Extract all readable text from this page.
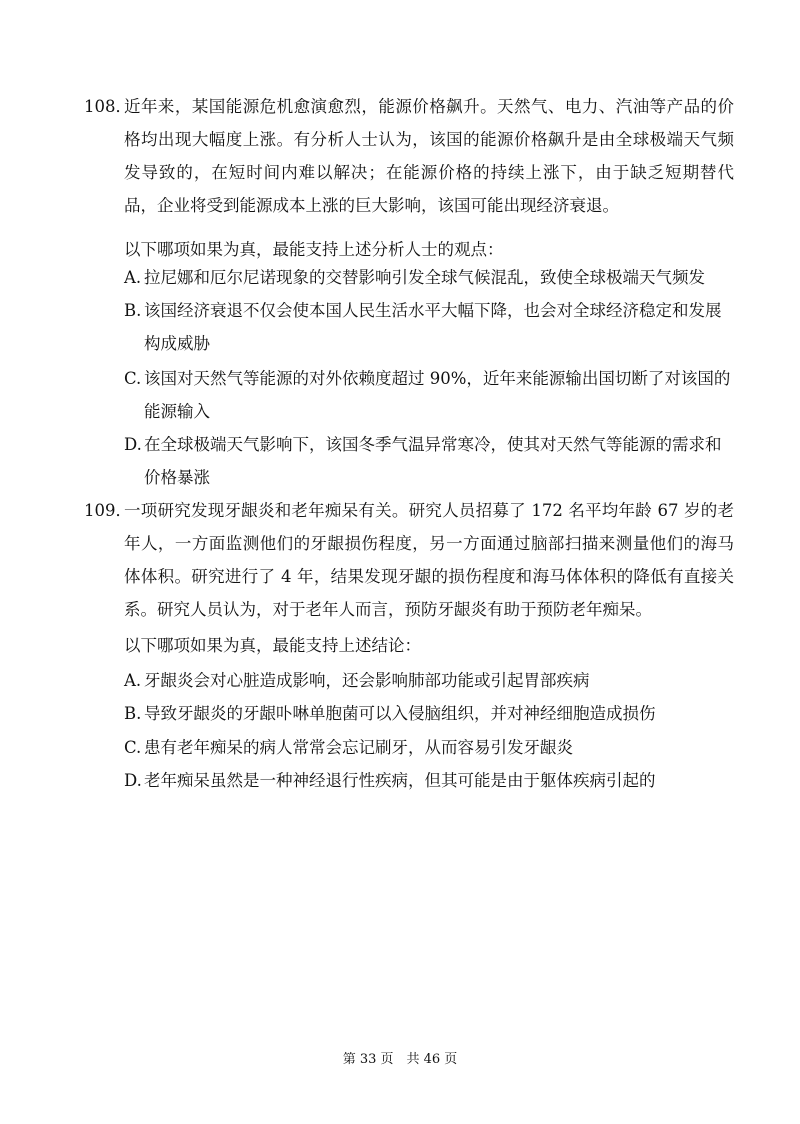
108．
近年来，某国能源危机愈演愈烈，能源价格飙升。天然气、电力、汽油等产品的价格均出现大幅度上涨。有分析人士认为，该国的能源价格飙升是由全球极端天气频发导致的，在短时间内难以解决；在能源价格的持续上涨下，由于缺乏短期替代品，企业将受到能源成本上涨的巨大影响，该国可能出现经济衰退。
以下哪项如果为真，最能支持上述分析人士的观点：
A. 拉尼娜和厄尔尼诺现象的交替影响引发全球气候混乱，致使全球极端天气频发
B. 该国经济衰退不仅会使本国人民生活水平大幅下降，也会对全球经济稳定和发展构成威胁
C. 该国对天然气等能源的对外依赖度超过 90%，近年来能源输出国切断了对该国的能源输入
D. 在全球极端天气影响下，该国冬季气温异常寒冷，使其对天然气等能源的需求和价格暴涨
109．
一项研究发现牙龈炎和老年痴呆有关。研究人员招募了 172 名平均年龄 67 岁的老年人，一方面监测他们的牙龈损伤程度，另一方面通过脑部扫描来测量他们的海马体体积。研究进行了 4 年，结果发现牙龈的损伤程度和海马体体积的降低有直接关系。研究人员认为，对于老年人而言，预防牙龈炎有助于预防老年痴呆。
以下哪项如果为真，最能支持上述结论：
A. 牙龈炎会对心脏造成影响，还会影响肺部功能或引起胃部疾病
B. 导致牙龈炎的牙龈卟啉单胞菌可以入侵脑组织，并对神经细胞造成损伤
C. 患有老年痴呆的病人常常会忘记刷牙，从而容易引发牙龈炎
D. 老年痴呆虽然是一种神经退行性疾病，但其可能是由于躯体疾病引起的
第 33 页　共 46 页
